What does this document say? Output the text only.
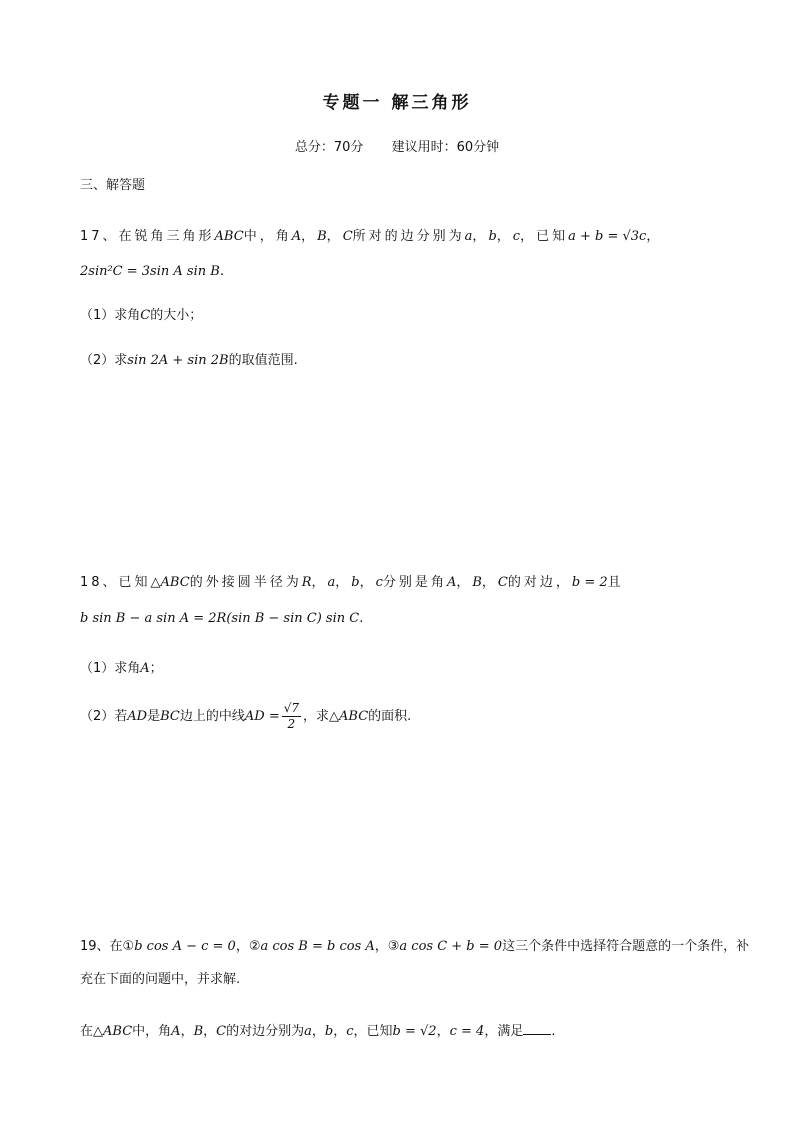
专题一 解三角形
总分：70分 建议用时：60分钟
三、解答题
17、在锐角三角形ABC中，角A，B，C所对的边分别为a，b，c，已知a + b = √3c，
2sin²C = 3sin A sin B.
（1）求角C的大小；
（2）求sin 2A + sin 2B的取值范围.
18、已知△ABC的外接圆半径为R，a，b，c分别是角A，B，C的对边，b = 2且
b sin B − a sin A = 2R(sin B − sin C) sin C.
（1）求角A；
（2）若AD是BC边上的中线AD = $\frac{√7}{2}$ ，求△ABC的面积.
19、在①b cos A − c = 0，②a cos B = b cos A，③a cos C + b = 0这三个条件中选择符合题意的一个条件，补
充在下面的问题中，并求解.
在△ABC中，角A，B，C的对边分别为a，b，c，已知b = √2，c = 4，满足 .
